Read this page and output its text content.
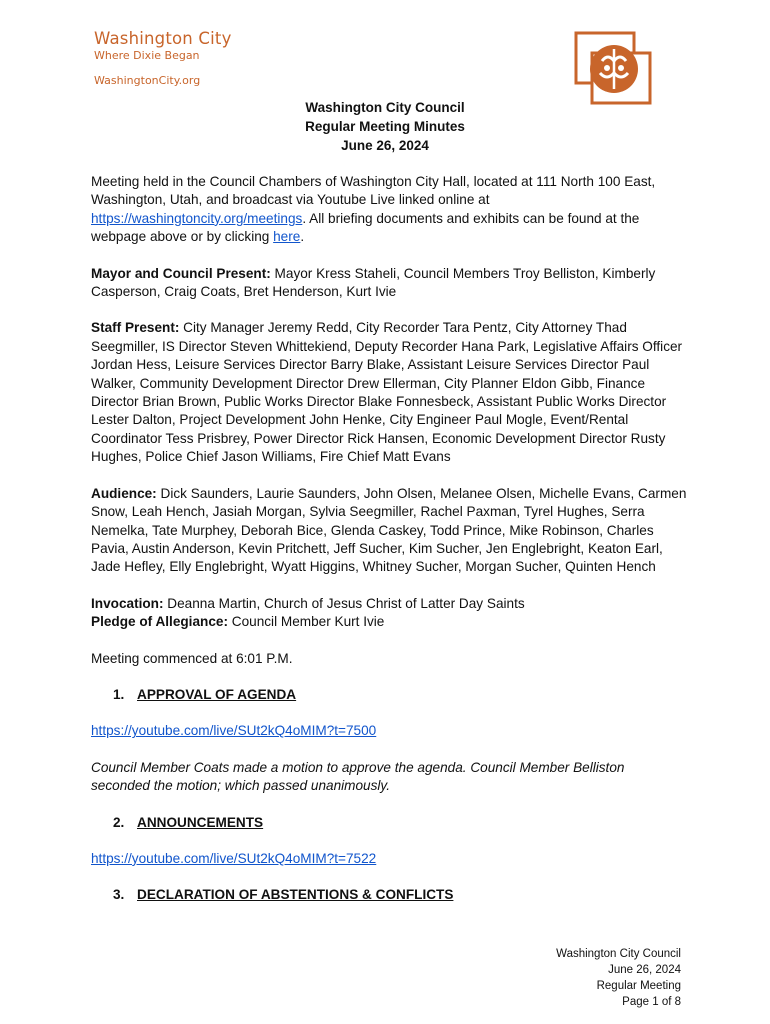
Washington City
Where Dixie Began
WashingtonCity.org
Washington City Council
Regular Meeting Minutes
June 26, 2024

Meeting held in the Council Chambers of Washington City Hall, located at 111 North 100 East, Washington, Utah, and broadcast via Youtube Live linked online at https://washingtoncity.org/meetings. All briefing documents and exhibits can be found at the webpage above or by clicking here.

Mayor and Council Present: Mayor Kress Staheli, Council Members Troy Belliston, Kimberly Casperson, Craig Coats, Bret Henderson, Kurt Ivie

Staff Present: City Manager Jeremy Redd, City Recorder Tara Pentz, City Attorney Thad Seegmiller, IS Director Steven Whittekiend, Deputy Recorder Hana Park, Legislative Affairs Officer Jordan Hess, Leisure Services Director Barry Blake, Assistant Leisure Services Director Paul Walker, Community Development Director Drew Ellerman, City Planner Eldon Gibb, Finance Director Brian Brown, Public Works Director Blake Fonnesbeck, Assistant Public Works Director Lester Dalton, Project Development John Henke, City Engineer Paul Mogle, Event/Rental Coordinator Tess Prisbrey, Power Director Rick Hansen, Economic Development Director Rusty Hughes, Police Chief Jason Williams, Fire Chief Matt Evans

Audience: Dick Saunders, Laurie Saunders, John Olsen, Melanee Olsen, Michelle Evans, Carmen Snow, Leah Hench, Jasiah Morgan, Sylvia Seegmiller, Rachel Paxman, Tyrel Hughes, Serra Nemelka, Tate Murphey, Deborah Bice, Glenda Caskey, Todd Prince, Mike Robinson, Charles Pavia, Austin Anderson, Kevin Pritchett, Jeff Sucher, Kim Sucher, Jen Englebright, Keaton Earl, Jade Hefley, Elly Englebright, Wyatt Higgins, Whitney Sucher, Morgan Sucher, Quinten Hench

Invocation: Deanna Martin, Church of Jesus Christ of Latter Day Saints

Pledge of Allegiance: Council Member Kurt Ivie

Meeting commenced at 6:01 P.M.

1. APPROVAL OF AGENDA

https://youtube.com/live/SUt2kQ4oMIM?t=7500

Council Member Coats made a motion to approve the agenda. Council Member Belliston seconded the motion; which passed unanimously.

2. ANNOUNCEMENTS

https://youtube.com/live/SUt2kQ4oMIM?t=7522

3. DECLARATION OF ABSTENTIONS & CONFLICTS
Washington City Council
June 26, 2024
Regular Meeting
Page 1 of 8
